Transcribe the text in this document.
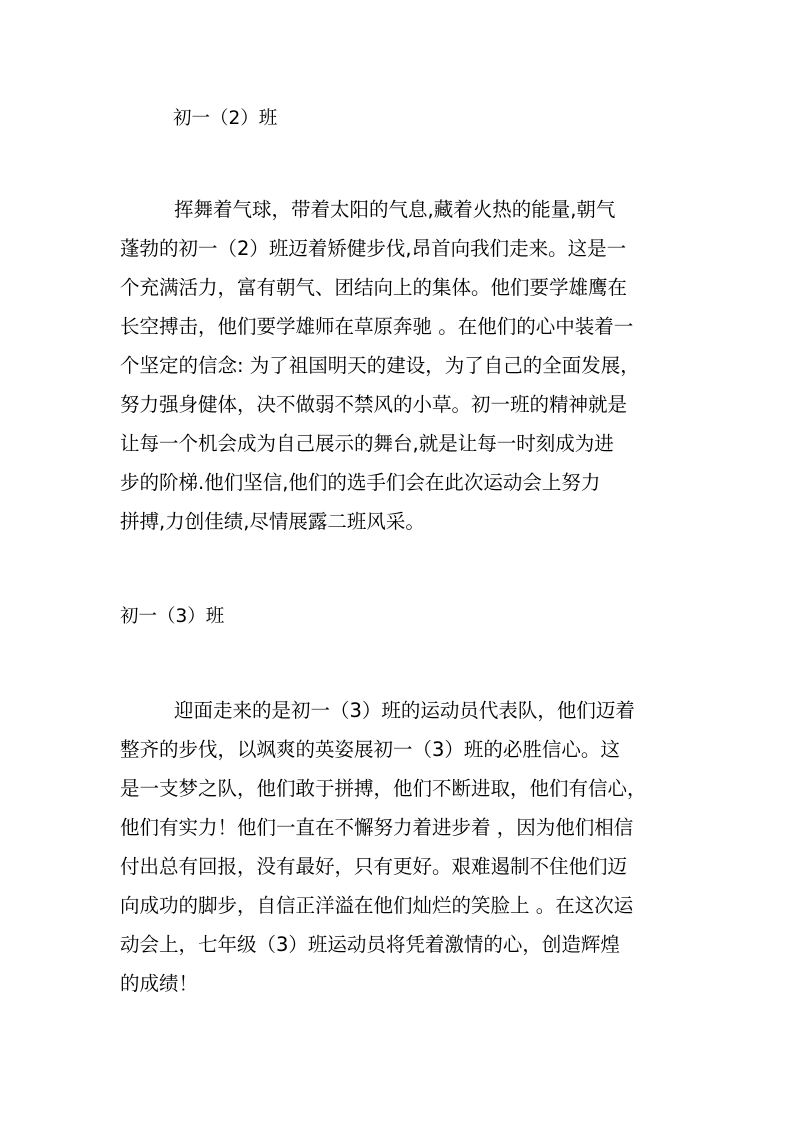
初一（2）班
挥舞着气球，带着太阳的气息,藏着火热的能量,朝气
蓬勃的初一（2）班迈着矫健步伐,昂首向我们走来。这是一
个充满活力，富有朝气、团结向上的集体。他们要学雄鹰在
长空搏击，他们要学雄师在草原奔驰 。在他们的心中装着一
个坚定的信念: 为了祖国明天的建设，为了自己的全面发展，
努力强身健体，决不做弱不禁风的小草。初一班的精神就是
让每一个机会成为自己展示的舞台,就是让每一时刻成为进
步的阶梯.他们坚信,他们的选手们会在此次运动会上努力
拼搏,力创佳绩,尽情展露二班风采。
初一（3）班
迎面走来的是初一（3）班的运动员代表队，他们迈着
整齐的步伐，以飒爽的英姿展初一（3）班的必胜信心。这
是一支梦之队，他们敢于拼搏，他们不断进取，他们有信心，
他们有实力！他们一直在不懈努力着进步着 ，因为他们相信
付出总有回报，没有最好，只有更好。艰难遏制不住他们迈
向成功的脚步，自信正洋溢在他们灿烂的笑脸上 。在这次运
动会上，七年级（3）班运动员将凭着激情的心，创造辉煌
的成绩！
